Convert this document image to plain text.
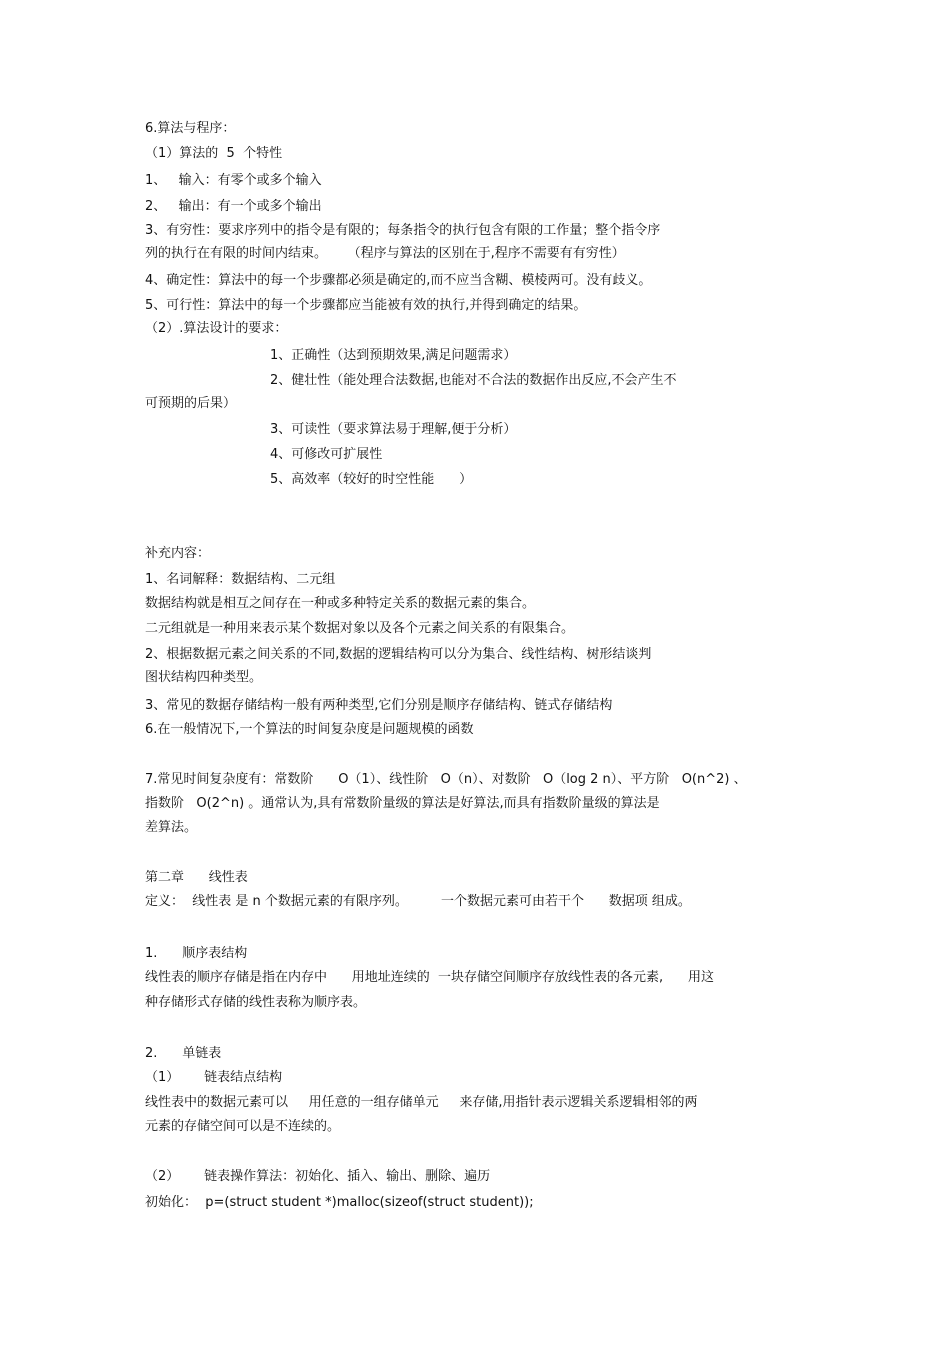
6.算法与程序：
（1）算法的  5  个特性
1、   输入：有零个或多个输入
2、   输出：有一个或多个输出
3、有穷性：要求序列中的指令是有限的；每条指令的执行包含有限的工作量；整个指令序
列的执行在有限的时间内结束。     （程序与算法的区别在于,程序不需要有有穷性）
4、确定性：算法中的每一个步骤都必须是确定的,而不应当含糊、模棱两可。没有歧义。
5、可行性：算法中的每一个步骤都应当能被有效的执行,并得到确定的结果。
（2）.算法设计的要求：
1、正确性（达到预期效果,满足问题需求）
2、健壮性（能处理合法数据,也能对不合法的数据作出反应,不会产生不
可预期的后果）
3、可读性（要求算法易于理解,便于分析）
4、可修改可扩展性
5、高效率（较好的时空性能      ）
补充内容：
1、名词解释：数据结构、二元组
数据结构就是相互之间存在一种或多种特定关系的数据元素的集合。
二元组就是一种用来表示某个数据对象以及各个元素之间关系的有限集合。
2、根据数据元素之间关系的不同,数据的逻辑结构可以分为集合、线性结构、树形结谈判
图状结构四种类型。
3、常见的数据存储结构一般有两种类型,它们分别是顺序存储结构、链式存储结构
6.在一般情况下,一个算法的时间复杂度是问题规模的函数
7.常见时间复杂度有：常数阶      O（1）、线性阶   O（n）、对数阶   O（log 2 n）、平方阶   O(n^2) 、
指数阶   O(2^n) 。通常认为,具有常数阶量级的算法是好算法,而具有指数阶量级的算法是
差算法。
第二章      线性表
定义：  线性表 是 n 个数据元素的有限序列。        一个数据元素可由若干个      数据项 组成。
1.      顺序表结构
线性表的顺序存储是指在内存中      用地址连续的  一块存储空间顺序存放线性表的各元素,      用这
种存储形式存储的线性表称为顺序表。
2.      单链表
（1）      链表结点结构
线性表中的数据元素可以     用任意的一组存储单元     来存储,用指针表示逻辑关系逻辑相邻的两
元素的存储空间可以是不连续的。
（2）      链表操作算法：初始化、插入、输出、删除、遍历
初始化：  p=(struct student *)malloc(sizeof(struct student));
